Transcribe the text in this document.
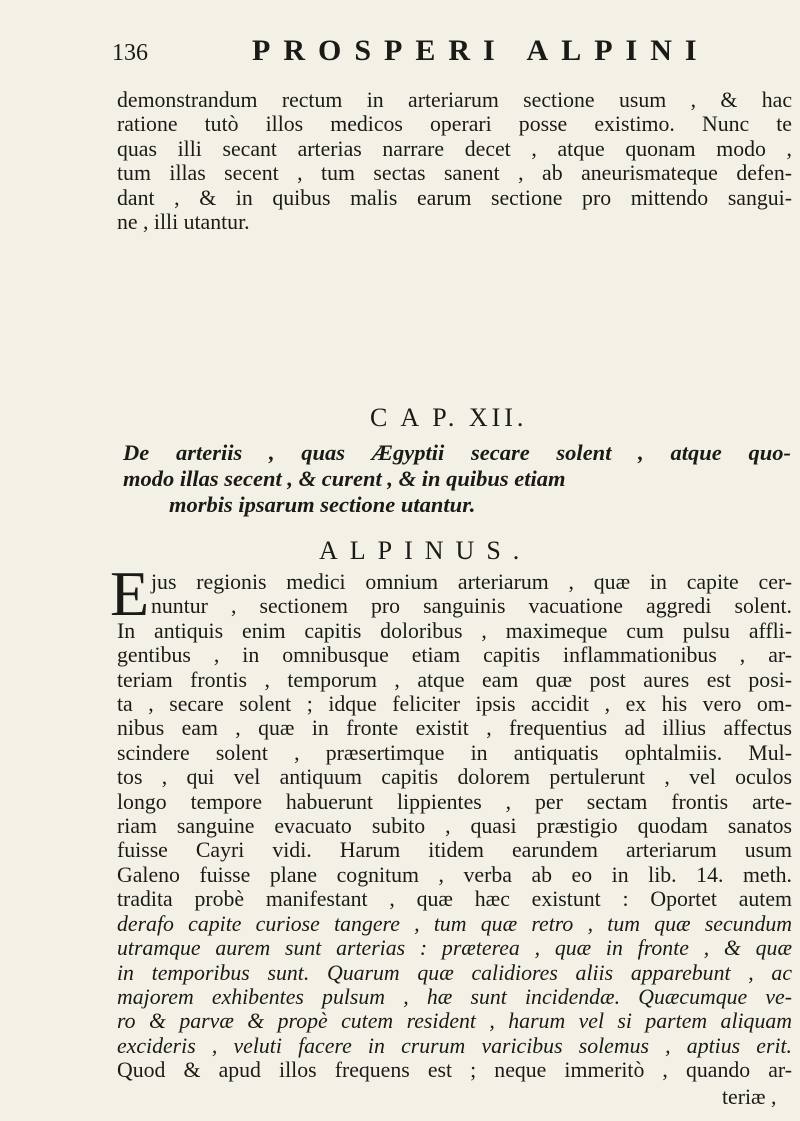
136	PROSPERI ALPINI
demonstrandum rectum in arteriarum sectione usum , & hac
ratione tutò illos medicos operari posse existimo. Nunc te
quas illi secant arterias narrare decet , atque quonam modo ,
tum illas secent , tum sectas sanent , ab aneurismateque defen-
dant , & in quibus malis earum sectione pro mittendo sangui-
ne , illi utantur.
C A P. XII.
De arteriis , quas Ægyptii secare solent , atque quo-
modo illas secent , & curent , & in quibus etiam
morbis ipsarum sectione utantur.
ALPINUS.
E jus regionis medici omnium arteriarum , quæ in capite cer-
nuntur , sectionem pro sanguinis vacuatione aggredi solent.
In antiquis enim capitis doloribus , maximeque cum pulsu affli-
gentibus , in omnibusque etiam capitis inflammationibus , ar-
teriam frontis , temporum , atque eam quæ post aures est posi-
ta , secare solent ; idque feliciter ipsis accidit , ex his vero om-
nibus eam , quæ in fronte existit , frequentius ad illius affectus
scindere solent , præsertimque in antiquatis ophtalmiis. Mul-
tos , qui vel antiquum capitis dolorem pertulerunt , vel oculos
longo tempore habuerunt lippientes , per sectam frontis arte-
riam sanguine evacuato subito , quasi præstigio quodam sanatos
fuisse Cayri vidi. Harum itidem earundem arteriarum usum
Galeno fuisse plane cognitum , verba ab eo in lib. 14. meth.
tradita probè manifestant , quæ hæc existunt : Oportet autem
derafo capite curiose tangere , tum quæ retro , tum quæ secundum
utramque aurem sunt arterias : præterea , quæ in fronte , & quæ
in temporibus sunt. Quarum quæ calidiores aliis apparebunt , ac
majorem exhibentes pulsum , hæ sunt incidendæ. Quæcumque ve-
ro & parvæ & propè cutem resident , harum vel si partem aliquam
excideris , veluti facere in crurum varicibus solemus , aptius erit.
Quod & apud illos frequens est ; neque immeritò , quando ar-
teriæ ,
